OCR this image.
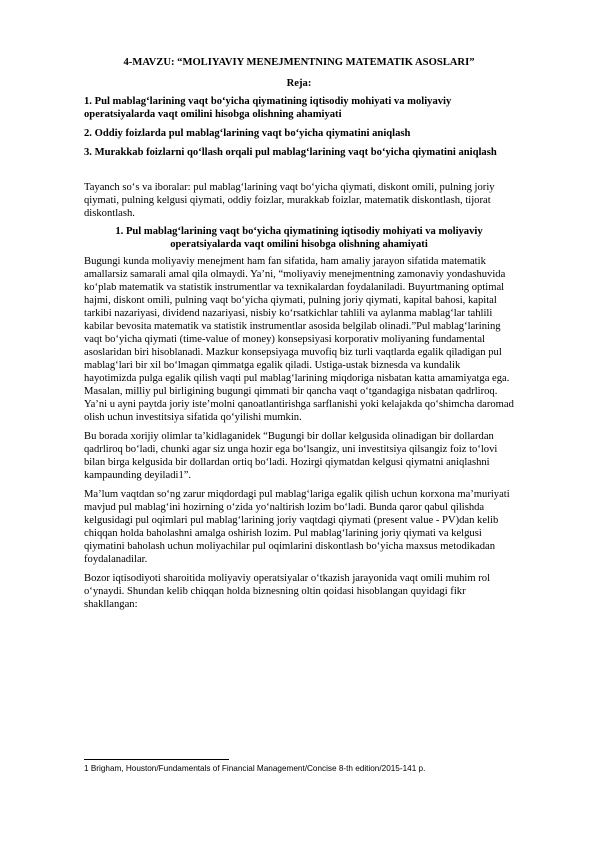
4-MAVZU: “MOLIYAVIY MENEJMENTNING MATEMATIK ASOSLARI”

Reja:

1. Pul mablag‘larining vaqt bo‘yicha qiymatining iqtisodiy mohiyati va moliyaviy operatsiyalarda vaqt omilini hisobga olishning ahamiyati

2. Oddiy foizlarda pul mablag‘larining vaqt bo‘yicha qiymatini aniqlash

3. Murakkab foizlarni qo‘llash orqali pul mablag‘larining vaqt bo‘yicha qiymatini aniqlash

Tayanch so‘s va iboralar: pul mablag‘larining vaqt bo‘yicha qiymati, diskont omili, pulning joriy qiymati, pulning kelgusi qiymati, oddiy foizlar, murakkab foizlar, matematik diskontlash, tijorat diskontlash.

1. Pul mablag‘larining vaqt bo‘yicha qiymatining iqtisodiy mohiyati va moliyaviy operatsiyalarda vaqt omilini hisobga olishning ahamiyati

Bugungi kunda moliyaviy menejment ham fan sifatida, ham amaliy jarayon sifatida matematik amallarsiz samarali amal qila olmaydi. Ya’ni, “moliyaviy menejmentning zamonaviy yondashuvida ko‘plab matematik va statistik instrumentlar va texnikalardan foydalaniladi. Buyurtmaning optimal hajmi, diskont omili, pulning vaqt bo‘yicha qiymati, pulning joriy qiymati, kapital bahosi, kapital tarkibi nazariyasi, dividend nazariyasi, nisbiy ko‘rsatkichlar tahlili va aylanma mablag‘lar tahlili kabilar bevosita matematik va statistik instrumentlar asosida belgilab olinadi.”Pul mablag‘larining vaqt bo‘yicha qiymati (time-value of money) konsepsiyasi korporativ moliyaning fundamental asoslaridan biri hisoblanadi. Mazkur konsepsiyaga muvofiq biz turli vaqtlarda egalik qiladigan pul mablag‘lari bir xil bo‘lmagan qimmatga egalik qiladi. Ustiga-ustak biznesda va kundalik hayotimizda pulga egalik qilish vaqti pul mablag‘larining miqdoriga nisbatan katta amamiyatga ega. Masalan, milliy pul birligining bugungi qimmati bir qancha vaqt o‘tgandagiga nisbatan qadrliroq. Ya’ni u ayni paytda joriy iste’molni qanoatlantirishga sarflanishi yoki kelajakda qo‘shimcha daromad olish uchun investitsiya sifatida qo‘yilishi mumkin.

Bu borada xorijiy olimlar ta’kidlaganidek “Bugungi bir dollar kelgusida olinadigan bir dollardan qadrliroq bo‘ladi, chunki agar siz unga hozir ega bo‘lsangiz, uni investitsiya qilsangiz foiz to‘lovi bilan birga kelgusida bir dollardan ortiq bo‘ladi. Hozirgi qiymatdan kelgusi qiymatni aniqlashni kampaunding deyiladi1”.

Ma’lum vaqtdan so‘ng zarur miqdordagi pul mablag‘lariga egalik qilish uchun korxona ma’muriyati mavjud pul mablag‘ini hozirning o‘zida yo‘naltirish lozim bo‘ladi. Bunda qaror qabul qilishda kelgusidagi pul oqimlari pul mablag‘larining joriy vaqtdagi qiymati (present value - PV)dan kelib chiqqan holda baholashni amalga oshirish lozim. Pul mablag‘larining joriy qiymati va kelgusi qiymatini baholash uchun moliyachilar pul oqimlarini diskontlash bo‘yicha maxsus metodikadan foydalanadilar.

Bozor iqtisodiyoti sharoitida moliyaviy operatsiyalar o‘tkazish jarayonida vaqt omili muhim rol o‘ynaydi. Shundan kelib chiqqan holda biznesning oltin qoidasi hisoblangan quyidagi fikr shakllangan:

1 Brigham, Houston/Fundamentals of Financial Management/Concise 8-th edition/2015-141 p.
